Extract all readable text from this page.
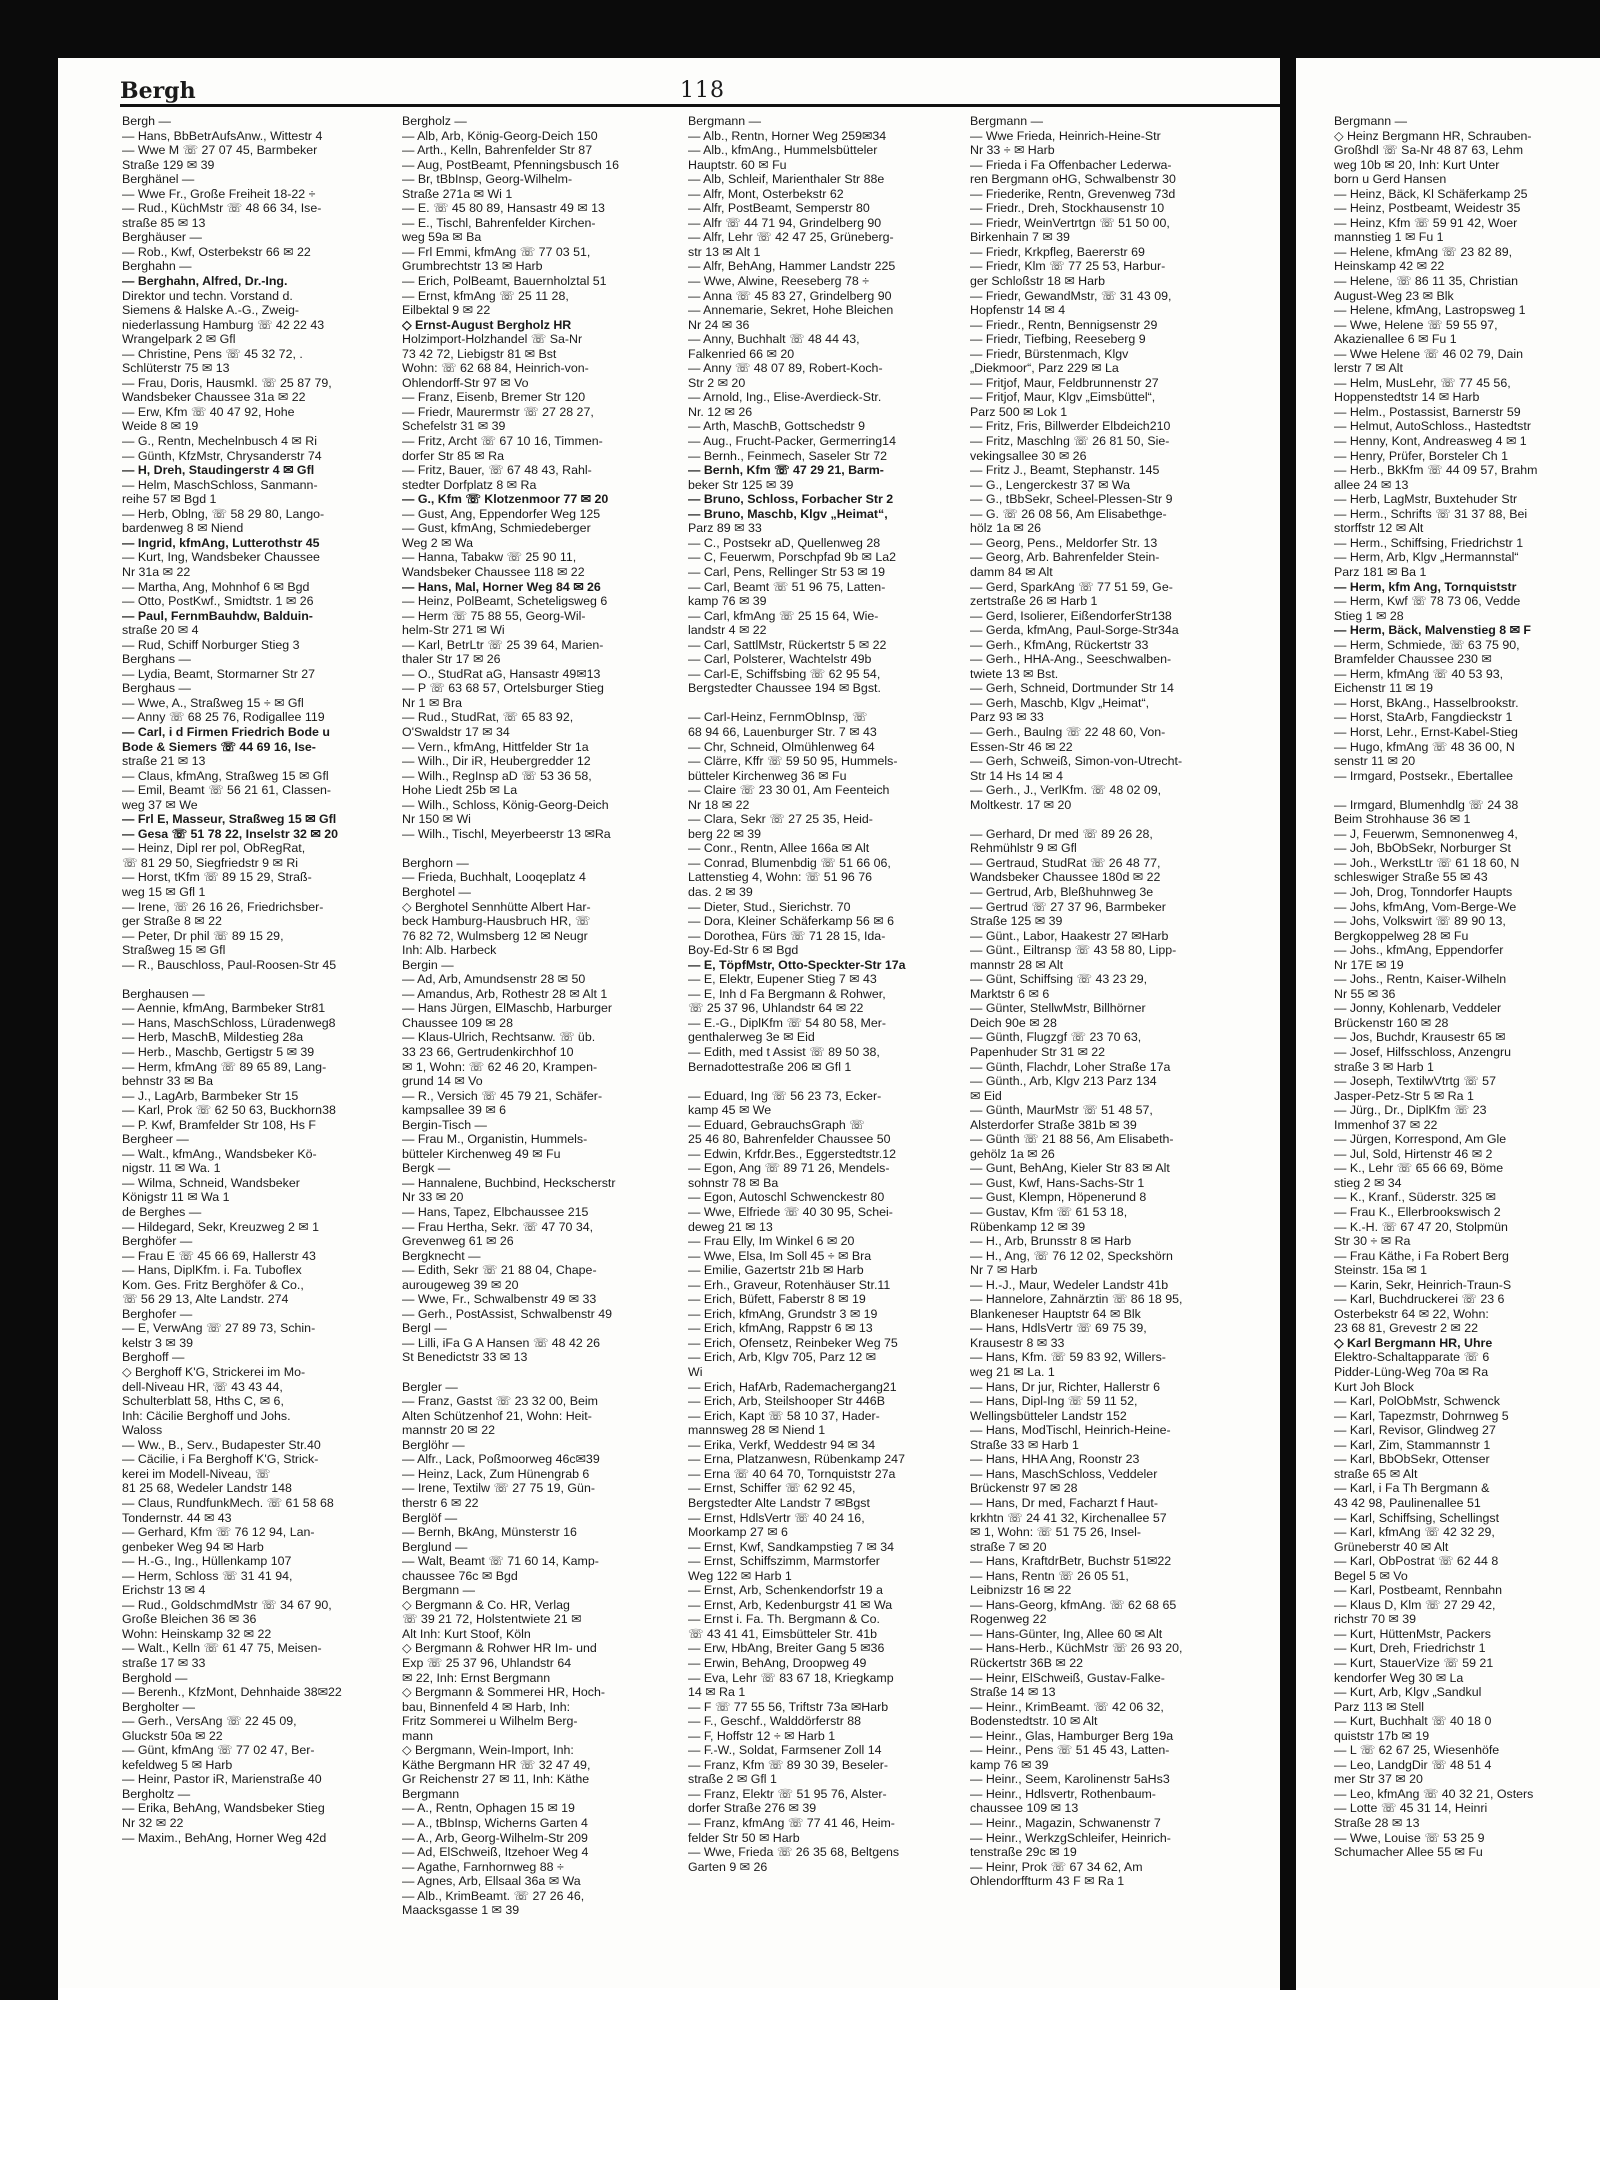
Bergh	118
Bergh —
— Hans, BbBetrAufsAnw., Wittestr 4
— Wwe M ☏ 27 07 45, Barmbeker
Straße 129 ✉ 39
Berghänel —
— Wwe Fr., Große Freiheit 18-22 ÷
— Rud., KüchMstr ☏ 48 66 34, Ise-
straße 85 ✉ 13
Berghäuser —
— Rob., Kwf, Osterbekstr 66 ✉ 22
Berghahn —
— Berghahn, Alfred, Dr.-Ing.
Direktor und techn. Vorstand d.
Siemens & Halske A.-G., Zweig-
niederlassung Hamburg ☏ 42 22 43
Wrangelpark 2 ✉ Gfl
— Christine, Pens ☏ 45 32 72, .
Schlüterstr 75 ✉ 13
— Frau, Doris, Hausmkl. ☏ 25 87 79,
Wandsbeker Chaussee 31a ✉ 22
— Erw, Kfm ☏ 40 47 92, Hohe
Weide 8 ✉ 19
— G., Rentn, Mechelnbusch 4 ✉ Ri
— Günth, KfzMstr, Chrysanderstr 74
— H, Dreh, Staudingerstr 4 ✉ Gfl
— Helm, MaschSchloss, Sanmann-
reihe 57 ✉ Bgd 1
— Herb, Oblng, ☏ 58 29 80, Lango-
bardenweg 8 ✉ Niend
— Ingrid, kfmAng, Lutterothstr 45
— Kurt, Ing, Wandsbeker Chaussee
Nr 31a ✉ 22
— Martha, Ang, Mohnhof 6 ✉ Bgd
— Otto, PostKwf., Smidtstr. 1 ✉ 26
— Paul, FernmBauhdw, Balduin-
straße 20 ✉ 4
— Rud, Schiff Norburger Stieg 3
Berghans —
— Lydia, Beamt, Stormarner Str 27
Berghaus —
— Wwe, A., Straßweg 15 ÷ ✉ Gfl
— Anny ☏ 68 25 76, Rodigallee 119
— Carl, i d Firmen Friedrich Bode u
Bode & Siemers ☏ 44 69 16, Ise-
straße 21 ✉ 13
— Claus, kfmAng, Straßweg 15 ✉ Gfl
— Emil, Beamt ☏ 56 21 61, Classen-
weg 37 ✉ We
— Frl E, Masseur, Straßweg 15 ✉ Gfl
— Gesa ☏ 51 78 22, Inselstr 32 ✉ 20
— Heinz, Dipl rer pol, ObRegRat,
☏ 81 29 50, Siegfriedstr 9 ✉ Ri
— Horst, tKfm ☏ 89 15 29, Straß-
weg 15 ✉ Gfl 1
— Irene, ☏ 26 16 26, Friedrichsber-
ger Straße 8 ✉ 22
— Peter, Dr phil ☏ 89 15 29,
Straßweg 15 ✉ Gfl
— R., Bauschloss, Paul-Roosen-Str 45

Berghausen —
— Aennie, kfmAng, Barmbeker Str81
— Hans, MaschSchloss, Lüradenweg8
— Herb, MaschB, Mildestieg 28a
— Herb., Maschb, Gertigstr 5 ✉ 39
— Herm, kfmAng ☏ 89 65 89, Lang-
behnstr 33 ✉ Ba
— J., LagArb, Barmbeker Str 15
— Karl, Prok ☏ 62 50 63, Buckhorn38
— P. Kwf, Bramfelder Str 108, Hs F
Bergheer —
— Walt., kfmAng., Wandsbeker Kö-
nigstr. 11 ✉ Wa. 1
— Wilma, Schneid, Wandsbeker
Königstr 11 ✉ Wa 1
de Berghes —
— Hildegard, Sekr, Kreuzweg 2 ✉ 1
Berghöfer —
— Frau E ☏ 45 66 69, Hallerstr 43
— Hans, DiplKfm. i. Fa. Tuboflex
Kom. Ges. Fritz Berghöfer & Co.,
☏ 56 29 13, Alte Landstr. 274
Berghofer —
— E, VerwAng ☏ 27 89 73, Schin-
kelstr 3 ✉ 39
Berghoff —
◇ Berghoff K'G, Strickerei im Mo-
dell-Niveau HR, ☏ 43 43 44,
Schulterblatt 58, Hths C, ✉ 6,
Inh: Cäcilie Berghoff und Johs.
Waloss
— Ww., B., Serv., Budapester Str.40
— Cäcilie, i Fa Berghoff K'G, Strick-
kerei im Modell-Niveau, ☏
81 25 68, Wedeler Landstr 148
— Claus, RundfunkMech. ☏ 61 58 68
Tondernstr. 44 ✉ 43
— Gerhard, Kfm ☏ 76 12 94, Lan-
genbeker Weg 94 ✉ Harb
— H.-G., Ing., Hüllenkamp 107
— Herm, Schloss ☏ 31 41 94,
Erichstr 13 ✉ 4
— Rud., GoldschmdMstr ☏ 34 67 90,
Große Bleichen 36 ✉ 36
Wohn: Heinskamp 32 ✉ 22
— Walt., Kelln ☏ 61 47 75, Meisen-
straße 17 ✉ 33
Berghold —
— Berenh., KfzMont, Dehnhaide 38✉22
Bergholter —
— Gerh., VersAng ☏ 22 45 09,
Gluckstr 50a ✉ 22
— Günt, kfmAng ☏ 77 02 47, Ber-
kefeldweg 5 ✉ Harb
— Heinr, Pastor iR, Marienstraße 40
Bergholtz —
— Erika, BehAng, Wandsbeker Stieg
Nr 32 ✉ 22
— Maxim., BehAng, Horner Weg 42d
Bergholz —
— Alb, Arb, König-Georg-Deich 150
— Arth., Kelln, Bahrenfelder Str 87
— Aug, PostBeamt, Pfenningsbusch 16
— Br, tBbInsp, Georg-Wilhelm-
Straße 271a ✉ Wi 1
— E. ☏ 45 80 89, Hansastr 49 ✉ 13
— E., Tischl, Bahrenfelder Kirchen-
weg 59a ✉ Ba
— Frl Emmi, kfmAng ☏ 77 03 51,
Grumbrechtstr 13 ✉ Harb
— Erich, PolBeamt, Bauernholztal 51
— Ernst, kfmAng ☏ 25 11 28,
Eilbektal 9 ✉ 22
◇ Ernst-August Bergholz HR
Holzimport-Holzhandel ☏ Sa-Nr
73 42 72, Liebigstr 81 ✉ Bst
Wohn: ☏ 62 68 84, Heinrich-von-
Ohlendorff-Str 97 ✉ Vo
— Franz, Eisenb, Bremer Str 120
— Friedr, Maurermstr ☏ 27 28 27,
Schefelstr 31 ✉ 39
— Fritz, Archt ☏ 67 10 16, Timmen-
dorfer Str 85 ✉ Ra
— Fritz, Bauer, ☏ 67 48 43, Rahl-
stedter Dorfplatz 8 ✉ Ra
— G., Kfm ☏ Klotzenmoor 77 ✉ 20
— Gust, Ang, Eppendorfer Weg 125
— Gust, kfmAng, Schmiedeberger
Weg 2 ✉ Wa
— Hanna, Tabakw ☏ 25 90 11,
Wandsbeker Chaussee 118 ✉ 22
— Hans, Mal, Horner Weg 84 ✉ 26
— Heinz, PolBeamt, Scheteligsweg 6
— Herm ☏ 75 88 55, Georg-Wil-
helm-Str 271 ✉ Wi
— Karl, BetrLtr ☏ 25 39 64, Marien-
thaler Str 17 ✉ 26
— O., StudRat aG, Hansastr 49✉13
— P ☏ 63 68 57, Ortelsburger Stieg
Nr 1 ✉ Bra
— Rud., StudRat, ☏ 65 83 92,
O'Swaldstr 17 ✉ 34
— Vern., kfmAng, Hittfelder Str 1a
— Wilh., Dir iR, Heubergredder 12
— Wilh., RegInsp aD ☏ 53 36 58,
Hohe Liedt 25b ✉ La
— Wilh., Schloss, König-Georg-Deich
Nr 150 ✉ Wi
— Wilh., Tischl, Meyerbeerstr 13 ✉Ra

Berghorn —
— Frieda, Buchhalt, Looqeplatz 4
Berghotel —
◇ Berghotel Sennhütte Albert Har-
beck Hamburg-Hausbruch HR, ☏
76 82 72, Wulmsberg 12 ✉ Neugr
Inh: Alb. Harbeck
Bergin —
— Ad, Arb, Amundsenstr 28 ✉ 50
— Amandus, Arb, Rothestr 28 ✉ Alt 1
— Hans Jürgen, ElMaschb, Harburger
Chaussee 109 ✉ 28
— Klaus-Ulrich, Rechtsanw. ☏ üb.
33 23 66, Gertrudenkirchhof 10
✉ 1, Wohn: ☏ 62 46 20, Krampen-
grund 14 ✉ Vo
— R., Versich ☏ 45 79 21, Schäfer-
kampsallee 39 ✉ 6
Bergin-Tisch —
— Frau M., Organistin, Hummels-
bütteler Kirchenweg 49 ✉ Fu
Bergk —
— Hannalene, Buchbind, Heckscherstr
Nr 33 ✉ 20
— Hans, Tapez, Elbchaussee 215
— Frau Hertha, Sekr. ☏ 47 70 34,
Grevenweg 61 ✉ 26
Bergknecht —
— Edith, Sekr ☏ 21 88 04, Chape-
aurougeweg 39 ✉ 20
— Wwe, Fr., Schwalbenstr 49 ✉ 33
— Gerh., PostAssist, Schwalbenstr 49
Bergl —
— Lilli, iFa G A Hansen ☏ 48 42 26
St Benedictstr 33 ✉ 13

Bergler —
— Franz, Gastst ☏ 23 32 00, Beim
Alten Schützenhof 21, Wohn: Heit-
mannstr 20 ✉ 22
Berglöhr —
— Alfr., Lack, Poßmoorweg 46c✉39
— Heinz, Lack, Zum Hünengrab 6
— Irene, Textilw ☏ 27 75 19, Gün-
therstr 6 ✉ 22
Berglöf —
— Bernh, BkAng, Münsterstr 16
Berglund —
— Walt, Beamt ☏ 71 60 14, Kamp-
chaussee 76c ✉ Bgd
Bergmann —
◇ Bergmann & Co. HR, Verlag
☏ 39 21 72, Holstentwiete 21 ✉
Alt Inh: Kurt Stoof, Köln
◇ Bergmann & Rohwer HR Im- und
Exp ☏ 25 37 96, Uhlandstr 64
✉ 22, Inh: Ernst Bergmann
◇ Bergmann & Sommerei HR, Hoch-
bau, Binnenfeld 4 ✉ Harb, Inh:
Fritz Sommerei u Wilhelm Berg-
mann
◇ Bergmann, Wein-Import, Inh:
Käthe Bergmann HR ☏ 32 47 49,
Gr Reichenstr 27 ✉ 11, Inh: Käthe
Bergmann
— A., Rentn, Ophagen 15 ✉ 19
— A., tBbInsp, Wicherns Garten 4
— A., Arb, Georg-Wilhelm-Str 209
— Ad, ElSchweiß, Itzehoer Weg 4
— Agathe, Farnhornweg 88 ÷
— Agnes, Arb, Ellsaal 36a ✉ Wa
— Alb., KrimBeamt. ☏ 27 26 46,
Maacksgasse 1 ✉ 39
Bergmann —
— Alb., Rentn, Horner Weg 259✉34
— Alb., kfmAng., Hummelsbütteler
Hauptstr. 60 ✉ Fu
— Alb, Schleif, Marienthaler Str 88e
— Alfr, Mont, Osterbekstr 62
— Alfr, PostBeamt, Semperstr 80
— Alfr ☏ 44 71 94, Grindelberg 90
— Alfr, Lehr ☏ 42 47 25, Grüneberg-
str 13 ✉ Alt 1
— Alfr, BehAng, Hammer Landstr 225
— Wwe, Alwine, Reeseberg 78 ÷
— Anna ☏ 45 83 27, Grindelberg 90
— Annemarie, Sekret, Hohe Bleichen
Nr 24 ✉ 36
— Anny, Buchhalt ☏ 48 44 43,
Falkenried 66 ✉ 20
— Anny ☏ 48 07 89, Robert-Koch-
Str 2 ✉ 20
— Arnold, Ing., Elise-Averdieck-Str.
Nr. 12 ✉ 26
— Arth, MaschB, Gottschedstr 9
— Aug., Frucht-Packer, Germerring14
— Bernh., Feinmech, Saseler Str 72
— Bernh, Kfm ☏ 47 29 21, Barm-
beker Str 125 ✉ 39
— Bruno, Schloss, Forbacher Str 2
— Bruno, Maschb, Klgv „Heimat“,
Parz 89 ✉ 33
— C., Postsekr aD, Quellenweg 28
— C, Feuerwm, Porschpfad 9b ✉ La2
— Carl, Pens, Rellinger Str 53 ✉ 19
— Carl, Beamt ☏ 51 96 75, Latten-
kamp 76 ✉ 39
— Carl, kfmAng ☏ 25 15 64, Wie-
landstr 4 ✉ 22
— Carl, SattlMstr, Rückertstr 5 ✉ 22
— Carl, Polsterer, Wachtelstr 49b
— Carl-E, Schiffsbing ☏ 62 95 54,
Bergstedter Chaussee 194 ✉ Bgst.

— Carl-Heinz, FernmObInsp, ☏
68 94 66, Lauenburger Str. 7 ✉ 43
— Chr, Schneid, Olmühlenweg 64
— Clärre, Kffr ☏ 59 50 95, Hummels-
bütteler Kirchenweg 36 ✉ Fu
— Claire ☏ 23 30 01, Am Feenteich
Nr 18 ✉ 22
— Clara, Sekr ☏ 27 25 35, Heid-
berg 22 ✉ 39
— Conr., Rentn, Allee 166a ✉ Alt
— Conrad, Blumenbdig ☏ 51 66 06,
Lattenstieg 4, Wohn: ☏ 51 96 76
das. 2 ✉ 39
— Dieter, Stud., Sierichstr. 70
— Dora, Kleiner Schäferkamp 56 ✉ 6
— Dorothea, Fürs ☏ 71 28 15, Ida-
Boy-Ed-Str 6 ✉ Bgd
— E, TöpfMstr, Otto-Speckter-Str 17a
— E, Elektr, Eupener Stieg 7 ✉ 43
— E, Inh d Fa Bergmann & Rohwer,
☏ 25 37 96, Uhlandstr 64 ✉ 22
— E.-G., DiplKfm ☏ 54 80 58, Mer-
genthalerweg 3e ✉ Eid
— Edith, med t Assist ☏ 89 50 38,
Bernadottestraße 206 ✉ Gfl 1

— Eduard, Ing ☏ 56 23 73, Ecker-
kamp 45 ✉ We
— Eduard, GebrauchsGraph ☏
25 46 80, Bahrenfelder Chaussee 50
— Edwin, Krfdr.Bes., Eggerstedtstr.12
— Egon, Ang ☏ 89 71 26, Mendels-
sohnstr 78 ✉ Ba
— Egon, Autoschl Schwenckestr 80
— Wwe, Elfriede ☏ 40 30 95, Schei-
deweg 21 ✉ 13
— Frau Elly, Im Winkel 6 ✉ 20
— Wwe, Elsa, Im Soll 45 ÷ ✉ Bra
— Emilie, Gazertstr 21b ✉ Harb
— Erh., Graveur, Rotenhäuser Str.11
— Erich, Büfett, Faberstr 8 ✉ 19
— Erich, kfmAng, Grundstr 3 ✉ 19
— Erich, kfmAng, Rappstr 6 ✉ 13
— Erich, Ofensetz, Reinbeker Weg 75
— Erich, Arb, Klgv 705, Parz 12 ✉
Wi
— Erich, HafArb, Rademachergang21
— Erich, Arb, Steilshooper Str 446B
— Erich, Kapt ☏ 58 10 37, Hader-
mannsweg 28 ✉ Niend 1
— Erika, Verkf, Weddestr 94 ✉ 34
— Erna, Platzanwesn, Rübenkamp 247
— Erna ☏ 40 64 70, Tornquiststr 27a
— Ernst, Schiffer ☏ 62 92 45,
Bergstedter Alte Landstr 7 ✉Bgst
— Ernst, HdlsVertr ☏ 40 24 16,
Moorkamp 27 ✉ 6
— Ernst, Kwf, Sandkampstieg 7 ✉ 34
— Ernst, Schiffszimm, Marmstorfer
Weg 122 ✉ Harb 1
— Ernst, Arb, Schenkendorfstr 19 a
— Ernst, Arb, Kedenburgstr 41 ✉ Wa
— Ernst i. Fa. Th. Bergmann & Co.
☏ 43 41 41, Eimsbütteler Str. 41b
— Erw, HbAng, Breiter Gang 5 ✉36
— Erwin, BehAng, Droopweg 49
— Eva, Lehr ☏ 83 67 18, Kriegkamp
14 ✉ Ra 1
— F ☏ 77 55 56, Triftstr 73a ✉Harb
— F., Geschf., Walddörferstr 88
— F, Hoffstr 12 ÷ ✉ Harb 1
— F.-W., Soldat, Farmsener Zoll 14
— Franz, Kfm ☏ 89 30 39, Beseler-
straße 2 ✉ Gfl 1
— Franz, Elektr ☏ 51 95 76, Alster-
dorfer Straße 276 ✉ 39
— Franz, kfmAng ☏ 77 41 46, Heim-
felder Str 50 ✉ Harb
— Wwe, Frieda ☏ 26 35 68, Beltgens
Garten 9 ✉ 26
Bergmann —
— Wwe Frieda, Heinrich-Heine-Str
Nr 33 ÷ ✉ Harb
— Frieda i Fa Offenbacher Lederwa-
ren Bergmann oHG, Schwalbenstr 30
— Friederike, Rentn, Grevenweg 73d
— Friedr., Dreh, Stockhausenstr 10
— Friedr, WeinVertrtgn ☏ 51 50 00,
Birkenhain 7 ✉ 39
— Friedr, Krkpfleg, Baererstr 69
— Friedr, Klm ☏ 77 25 53, Harbur-
ger Schloßstr 18 ✉ Harb
— Friedr, GewandMstr, ☏ 31 43 09,
Hopfenstr 14 ✉ 4
— Friedr., Rentn, Bennigsenstr 29
— Friedr, Tiefbing, Reeseberg 9
— Friedr, Bürstenmach, Klgv
„Diekmoor“, Parz 229 ✉ La
— Fritjof, Maur, Feldbrunnenstr 27
— Fritjof, Maur, Klgv „Eimsbüttel“,
Parz 500 ✉ Lok 1
— Fritz, Fris, Billwerder Elbdeich210
— Fritz, Maschlng ☏ 26 81 50, Sie-
vekingsallee 30 ✉ 26
— Fritz J., Beamt, Stephanstr. 145
— G., Lengerckestr 37 ✉ Wa
— G., tBbSekr, Scheel-Plessen-Str 9
— G. ☏ 26 08 56, Am Elisabethge-
hölz 1a ✉ 26
— Georg, Pens., Meldorfer Str. 13
— Georg, Arb. Bahrenfelder Stein-
damm 84 ✉ Alt
— Gerd, SparkAng ☏ 77 51 59, Ge-
zertstraße 26 ✉ Harb 1
— Gerd, Isolierer, EißendorferStr138
— Gerda, kfmAng, Paul-Sorge-Str34a
— Gerh., KfmAng, Rückertstr 33
— Gerh., HHA-Ang., Seeschwalben-
twiete 13 ✉ Bst.
— Gerh, Schneid, Dortmunder Str 14
— Gerh, Maschb, Klgv „Heimat“,
Parz 93 ✉ 33
— Gerh., Baulng ☏ 22 48 60, Von-
Essen-Str 46 ✉ 22
— Gerh, Schweiß, Simon-von-Utrecht-
Str 14 Hs 14 ✉ 4
— Gerh., J., VerlKfm. ☏ 48 02 09,
Moltkestr. 17 ✉ 20

— Gerhard, Dr med ☏ 89 26 28,
Rehmühlstr 9 ✉ Gfl
— Gertraud, StudRat ☏ 26 48 77,
Wandsbeker Chaussee 180d ✉ 22
— Gertrud, Arb, Bleßhuhnweg 3e
— Gertrud ☏ 27 37 96, Barmbeker
Straße 125 ✉ 39
— Günt., Labor, Haakestr 27 ✉Harb
— Günt., Eiltransp ☏ 43 58 80, Lipp-
mannstr 28 ✉ Alt
— Günt, Schiffsing ☏ 43 23 29,
Marktstr 6 ✉ 6
— Günter, StellwMstr, Billhörner
Deich 90e ✉ 28
— Günth, Flugzgf ☏ 23 70 63,
Papenhuder Str 31 ✉ 22
— Günth, Flachdr, Loher Straße 17a
— Günth., Arb, Klgv 213 Parz 134
✉ Eid
— Günth, MaurMstr ☏ 51 48 57,
Alsterdorfer Straße 381b ✉ 39
— Günth ☏ 21 88 56, Am Elisabeth-
gehölz 1a ✉ 26
— Gunt, BehAng, Kieler Str 83 ✉ Alt
— Gust, Kwf, Hans-Sachs-Str 1
— Gust, Klempn, Höpenerund 8
— Gustav, Kfm ☏ 61 53 18,
Rübenkamp 12 ✉ 39
— H., Arb, Brunsstr 8 ✉ Harb
— H., Ang, ☏ 76 12 02, Speckshörn
Nr 7 ✉ Harb
— H.-J., Maur, Wedeler Landstr 41b
— Hannelore, Zahnärztin ☏ 86 18 95,
Blankeneser Hauptstr 64 ✉ Blk
— Hans, HdlsVertr ☏ 69 75 39,
Krausestr 8 ✉ 33
— Hans, Kfm. ☏ 59 83 92, Willers-
weg 21 ✉ La. 1
— Hans, Dr jur, Richter, Hallerstr 6
— Hans, Dipl-Ing ☏ 59 11 52,
Wellingsbütteler Landstr 152
— Hans, ModTischl, Heinrich-Heine-
Straße 33 ✉ Harb 1
— Hans, HHA Ang, Roonstr 23
— Hans, MaschSchloss, Veddeler
Brückenstr 97 ✉ 28
— Hans, Dr med, Facharzt f Haut-
krkhtn ☏ 24 41 32, Kirchenallee 57
✉ 1, Wohn: ☏ 51 75 26, Insel-
straße 7 ✉ 20
— Hans, KraftdrBetr, Buchstr 51✉22
— Hans, Rentn ☏ 26 05 51,
Leibnizstr 16 ✉ 22
— Hans-Georg, kfmAng. ☏ 62 68 65
Rogenweg 22
— Hans-Günter, Ing, Allee 60 ✉ Alt
— Hans-Herb., KüchMstr ☏ 26 93 20,
Rückertstr 36B ✉ 22
— Heinr, ElSchweiß, Gustav-Falke-
Straße 14 ✉ 13
— Heinr., KrimBeamt. ☏ 42 06 32,
Bodenstedtstr. 10 ✉ Alt
— Heinr., Glas, Hamburger Berg 19a
— Heinr., Pens ☏ 51 45 43, Latten-
kamp 76 ✉ 39
— Heinr., Seem, Karolinenstr 5aHs3
— Heinr., Hdlsvertr, Rothenbaum-
chaussee 109 ✉ 13
— Heinr., Magazin, Schwanenstr 7
— Heinr., WerkzgSchleifer, Heinrich-
tenstraße 29c ✉ 19
— Heinr, Prok ☏ 67 34 62, Am
Ohlendorffturm 43 F ✉ Ra 1
Bergmann —
◇ Heinz Bergmann HR, Schrauben-
Großhdl ☏ Sa-Nr 48 87 63, Lehm
weg 10b ✉ 20, Inh: Kurt Unter
born u Gerd Hansen
— Heinz, Bäck, Kl Schäferkamp 25
— Heinz, Postbeamt, Weidestr 35
— Heinz, Kfm ☏ 59 91 42, Woer
mannstieg 1 ✉ Fu 1
— Helene, kfmAng ☏ 23 82 89,
Heinskamp 42 ✉ 22
— Helene, ☏ 86 11 35, Christian
August-Weg 23 ✉ Blk
— Helene, kfmAng, Lastropsweg 1
— Wwe, Helene ☏ 59 55 97,
Akazienallee 6 ✉ Fu 1
— Wwe Helene ☏ 46 02 79, Dain
lerstr 7 ✉ Alt
— Helm, MusLehr, ☏ 77 45 56,
Hoppenstedtstr 14 ✉ Harb
— Helm., Postassist, Barnerstr 59
— Helmut, AutoSchloss., Hastedtstr
— Henny, Kont, Andreasweg 4 ✉ 1
— Henry, Prüfer, Borsteler Ch 1
— Herb., BkKfm ☏ 44 09 57, Brahm
allee 24 ✉ 13
— Herb, LagMstr, Buxtehuder Str
— Herm., Schrifts ☏ 31 37 88, Bei
storffstr 12 ✉ Alt
— Herm., Schiffsing, Friedrichstr 1
— Herm, Arb, Klgv „Hermannstal“
Parz 181 ✉ Ba 1
— Herm, kfm Ang, Tornquiststr
— Herm, Kwf ☏ 78 73 06, Vedde
Stieg 1 ✉ 28
— Herm, Bäck, Malvenstieg 8 ✉ F
— Herm, Schmiede, ☏ 63 75 90,
Bramfelder Chaussee 230 ✉
— Herm, kfmAng ☏ 40 53 93,
Eichenstr 11 ✉ 19
— Horst, BkAng., Hasselbrookstr.
— Horst, StaArb, Fangdieckstr 1
— Horst, Lehr., Ernst-Kabel-Stieg
— Hugo, kfmAng ☏ 48 36 00, N
senstr 11 ✉ 20
— Irmgard, Postsekr., Ebertallee

— Irmgard, Blumenhdlg ☏ 24 38
Beim Strohhause 36 ✉ 1
— J, Feuerwm, Semnonenweg 4,
— Joh, BbObSekr, Norburger St
— Joh., WerkstLtr ☏ 61 18 60, N
schleswiger Straße 55 ✉ 43
— Joh, Drog, Tonndorfer Haupts
— Johs, kfmAng, Vom-Berge-We
— Johs, Volkswirt ☏ 89 90 13,
Bergkoppelweg 28 ✉ Fu
— Johs., kfmAng, Eppendorfer
Nr 17E ✉ 19
— Johs., Rentn, Kaiser-Wilheln
Nr 55 ✉ 36
— Jonny, Kohlenarb, Veddeler
Brückenstr 160 ✉ 28
— Jos, Buchdr, Krausestr 65 ✉
— Josef, Hilfsschloss, Anzengru
straße 3 ✉ Harb 1
— Joseph, TextilwVtrtg ☏ 57
Jasper-Petz-Str 5 ✉ Ra 1
— Jürg., Dr., DiplKfm ☏ 23
Immenhof 37 ✉ 22
— Jürgen, Korrespond, Am Gle
— Jul, Sold, Hirtenstr 46 ✉ 2
— K., Lehr ☏ 65 66 69, Böme
stieg 2 ✉ 34
— K., Kranf., Süderstr. 325 ✉
— Frau K., Ellerbrookswisch 2
— K.-H. ☏ 67 47 20, Stolpmün
Str 30 ÷ ✉ Ra
— Frau Käthe, i Fa Robert Berg
Steinstr. 15a ✉ 1
— Karin, Sekr, Heinrich-Traun-S
— Karl, Buchdruckerei ☏ 23 6
Osterbekstr 64 ✉ 22, Wohn:
23 68 81, Grevestr 2 ✉ 22
◇ Karl Bergmann HR, Uhre
Elektro-Schaltapparate ☏ 6
Pidder-Lüng-Weg 70a ✉ Ra
Kurt Joh Block
— Karl, PolObMstr, Schwenck
— Karl, Tapezmstr, Dohrnweg 5
— Karl, Revisor, Glindweg 27
— Karl, Zim, Stammannstr 1
— Karl, BbObSekr, Ottenser
straße 65 ✉ Alt
— Karl, i Fa Th Bergmann &
43 42 98, Paulinenallee 51
— Karl, Schiffsing, Schellingst
— Karl, kfmAng ☏ 42 32 29,
Grüneberstr 40 ✉ Alt
— Karl, ObPostrat ☏ 62 44 8
Begel 5 ✉ Vo
— Karl, Postbeamt, Rennbahn
— Klaus D, Klm ☏ 27 29 42,
richstr 70 ✉ 39
— Kurt, HüttenMstr, Packers
— Kurt, Dreh, Friedrichstr 1
— Kurt, StauerVize ☏ 59 21
kendorfer Weg 30 ✉ La
— Kurt, Arb, Klgv „Sandkul
Parz 113 ✉ Stell
— Kurt, Buchhalt ☏ 40 18 0
quiststr 17b ✉ 19
— L ☏ 62 67 25, Wiesenhöfe
— Leo, LandgDir ☏ 48 51 4
mer Str 37 ✉ 20
— Leo, kfmAng ☏ 40 32 21, Osters
— Lotte ☏ 45 31 14, Heinri
Straße 28 ✉ 13
— Wwe, Louise ☏ 53 25 9
Schumacher Allee 55 ✉ Fu
